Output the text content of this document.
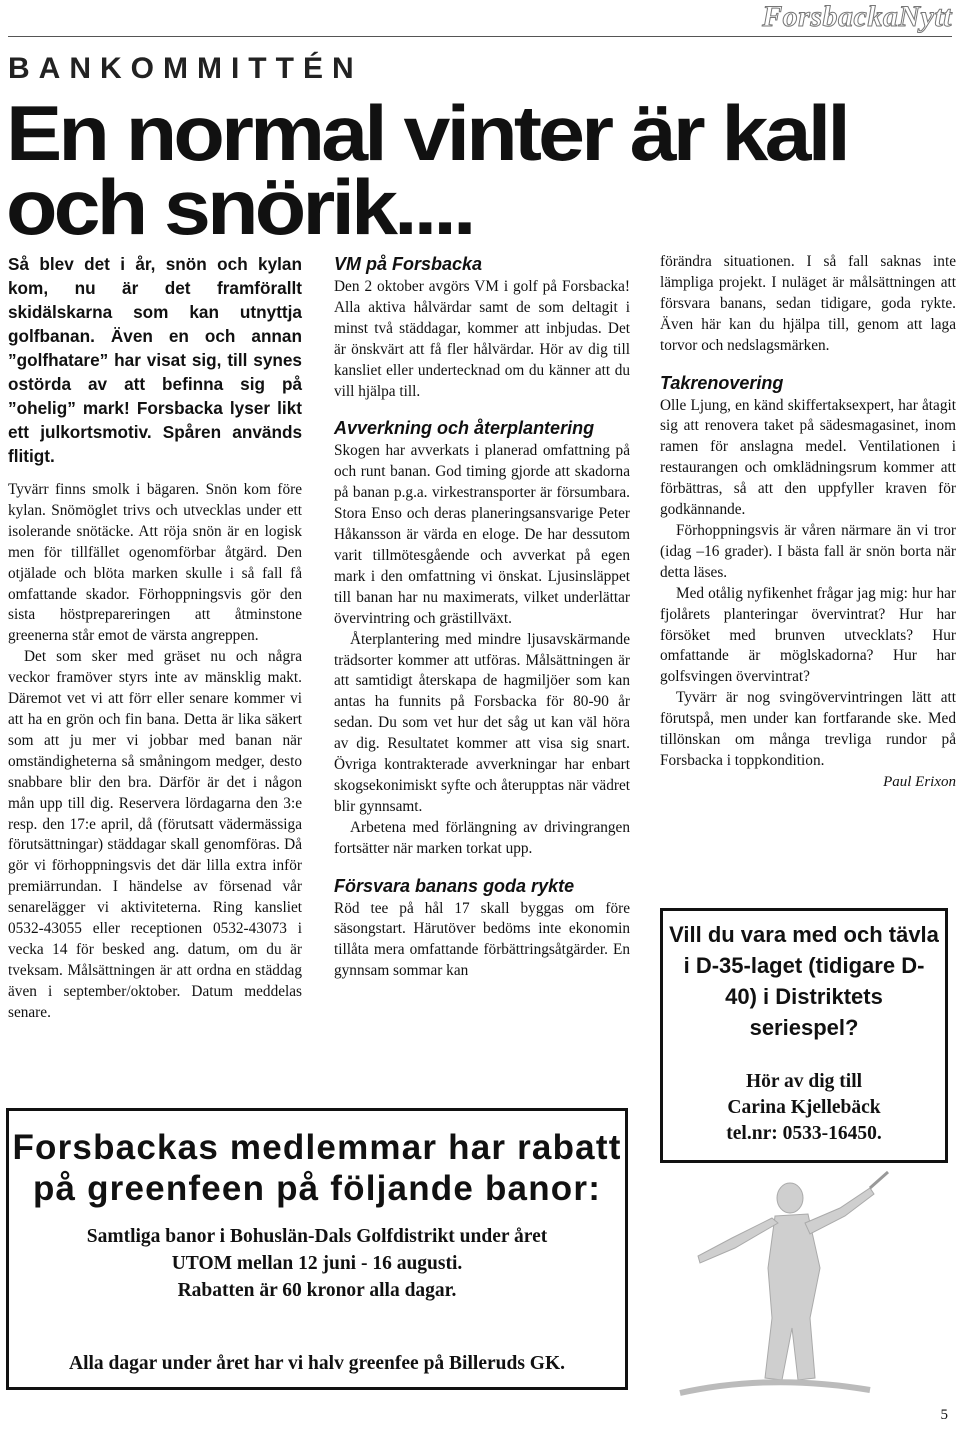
ForsbackaNytt
BANKOMMITTÉN
En normal vinter är kall
och snörik....
Så blev det i år, snön och kylan kom, nu är det framförallt skidälskarna som kan utnyttja golfbanan. Även en och annan ”golfhatare” har visat sig, till synes ostörda av att befinna sig på ”ohelig” mark! Forsbacka lyser likt ett julkortsmotiv. Spåren används flitigt.

Tyvärr finns smolk i bägaren. Snön kom före kylan. Snömöglet trivs och utvecklas under ett isolerande snötäcke. Att röja snön är en logisk men för tillfället ogenomförbar åtgärd. Den otjälade och blöta marken skulle i så fall få omfattande skador. Förhoppningsvis gör den sista höstprepareringen att åtminstone greenerna står emot de värsta angreppen.

Det som sker med gräset nu och några veckor framöver styrs inte av mänsklig makt. Däremot vet vi att förr eller senare kommer vi att ha en grön och fin bana. Detta är lika säkert som att ju mer vi jobbar med banan när omständigheterna så småningom medger, desto snabbare blir den bra. Därför är det i någon mån upp till dig. Reservera lördagarna den 3:e resp. den 17:e april, då (förutsatt vädermässiga förutsättningar) städdagar skall genomföras. Då gör vi förhoppningsvis det där lilla extra inför premiärrundan. I händelse av försenad vår senarelägger vi aktiviteterna. Ring kansliet 0532-43055 eller receptionen 0532-43073 i vecka 14 för besked ang. datum, om du är tveksam. Målsättningen är att ordna en städdag även i september/oktober. Datum meddelas senare.

VM på Forsbacka

Den 2 oktober avgörs VM i golf på Forsbacka! Alla aktiva hålvärdar samt de som deltagit i minst två städdagar, kommer att inbjudas. Det är önskvärt att få fler hålvärdar. Hör av dig till kansliet eller undertecknad om du känner att du vill hjälpa till.

Avverkning och återplantering

Skogen har avverkats i planerad omfattning på och runt banan. God timing gjorde att skadorna på banan p.g.a. virkestransporter är försumbara. Stora Enso och deras planeringsansvarige Peter Håkansson är värda en eloge. De har dessutom varit tillmötesgående och avverkat på egen mark i den omfattning vi önskat. Ljusinsläppet till banan har nu maximerats, vilket underlättar övervintring och grästillväxt.

Återplantering med mindre ljusavskärmande trädsorter kommer att utföras. Målsättningen är att samtidigt återskapa de hagmiljöer som kan antas ha funnits på Forsbacka för 80-90 år sedan. Du som vet hur det såg ut kan väl höra av dig. Resultatet kommer att visa sig snart. Övriga kontrakterade avverkningar har enbart skogsekonimiskt syfte och återupptas när vädret blir gynnsamt.

Arbetena med förlängning av drivingrangen fortsätter när marken torkat upp.

Försvara banans goda rykte

Röd tee på hål 17 skall byggas om före säsongstart. Härutöver bedöms inte ekonomin tillåta mera omfattande förbättringsåtgärder. En gynnsam sommar kan

förändra situationen. I så fall saknas inte lämpliga projekt. I nuläget är målsättningen att försvara banans, sedan tidigare, goda rykte. Även här kan du hjälpa till, genom att laga torvor och nedslagsmärken.

Takrenovering

Olle Ljung, en känd skiffertaksexpert, har åtagit sig att renovera taket på sädesmagasinet, inom ramen för anslagna medel. Ventilationen i restaurangen och omklädningsrum kommer att förbättras, så att den uppfyller kraven för godkännande.

Förhoppningsvis är våren närmare än vi tror (idag –16 grader). I bästa fall är snön borta när detta läses.

Med otålig nyfikenhet frågar jag mig: hur har fjolårets planteringar övervintrat? Hur har försöket med brunven utvecklats? Hur omfattande är möglskadorna? Hur har golfsvingen övervintrat?

Tyvärr är nog svingövervintringen lätt att förutspå, men under kan fortfarande ske. Med tillönskan om många trevliga rundor på Forsbacka i toppkondition.

Paul Erixon

Vill du vara med och tävla i D-35-laget (tidigare D-40) i Distriktets seriespel?
Hör av dig till
Carina Kjellebäck
tel.nr: 0533-16450.
Forsbackas medlemmar har rabatt på greenfeen på följande banor:
Samtliga banor i Bohuslän-Dals Golfdistrikt under året
UTOM mellan 12 juni - 16 augusti.
Rabatten är 60 kronor alla dagar.
Alla dagar under året har vi halv greenfee på Billeruds GK.
5
